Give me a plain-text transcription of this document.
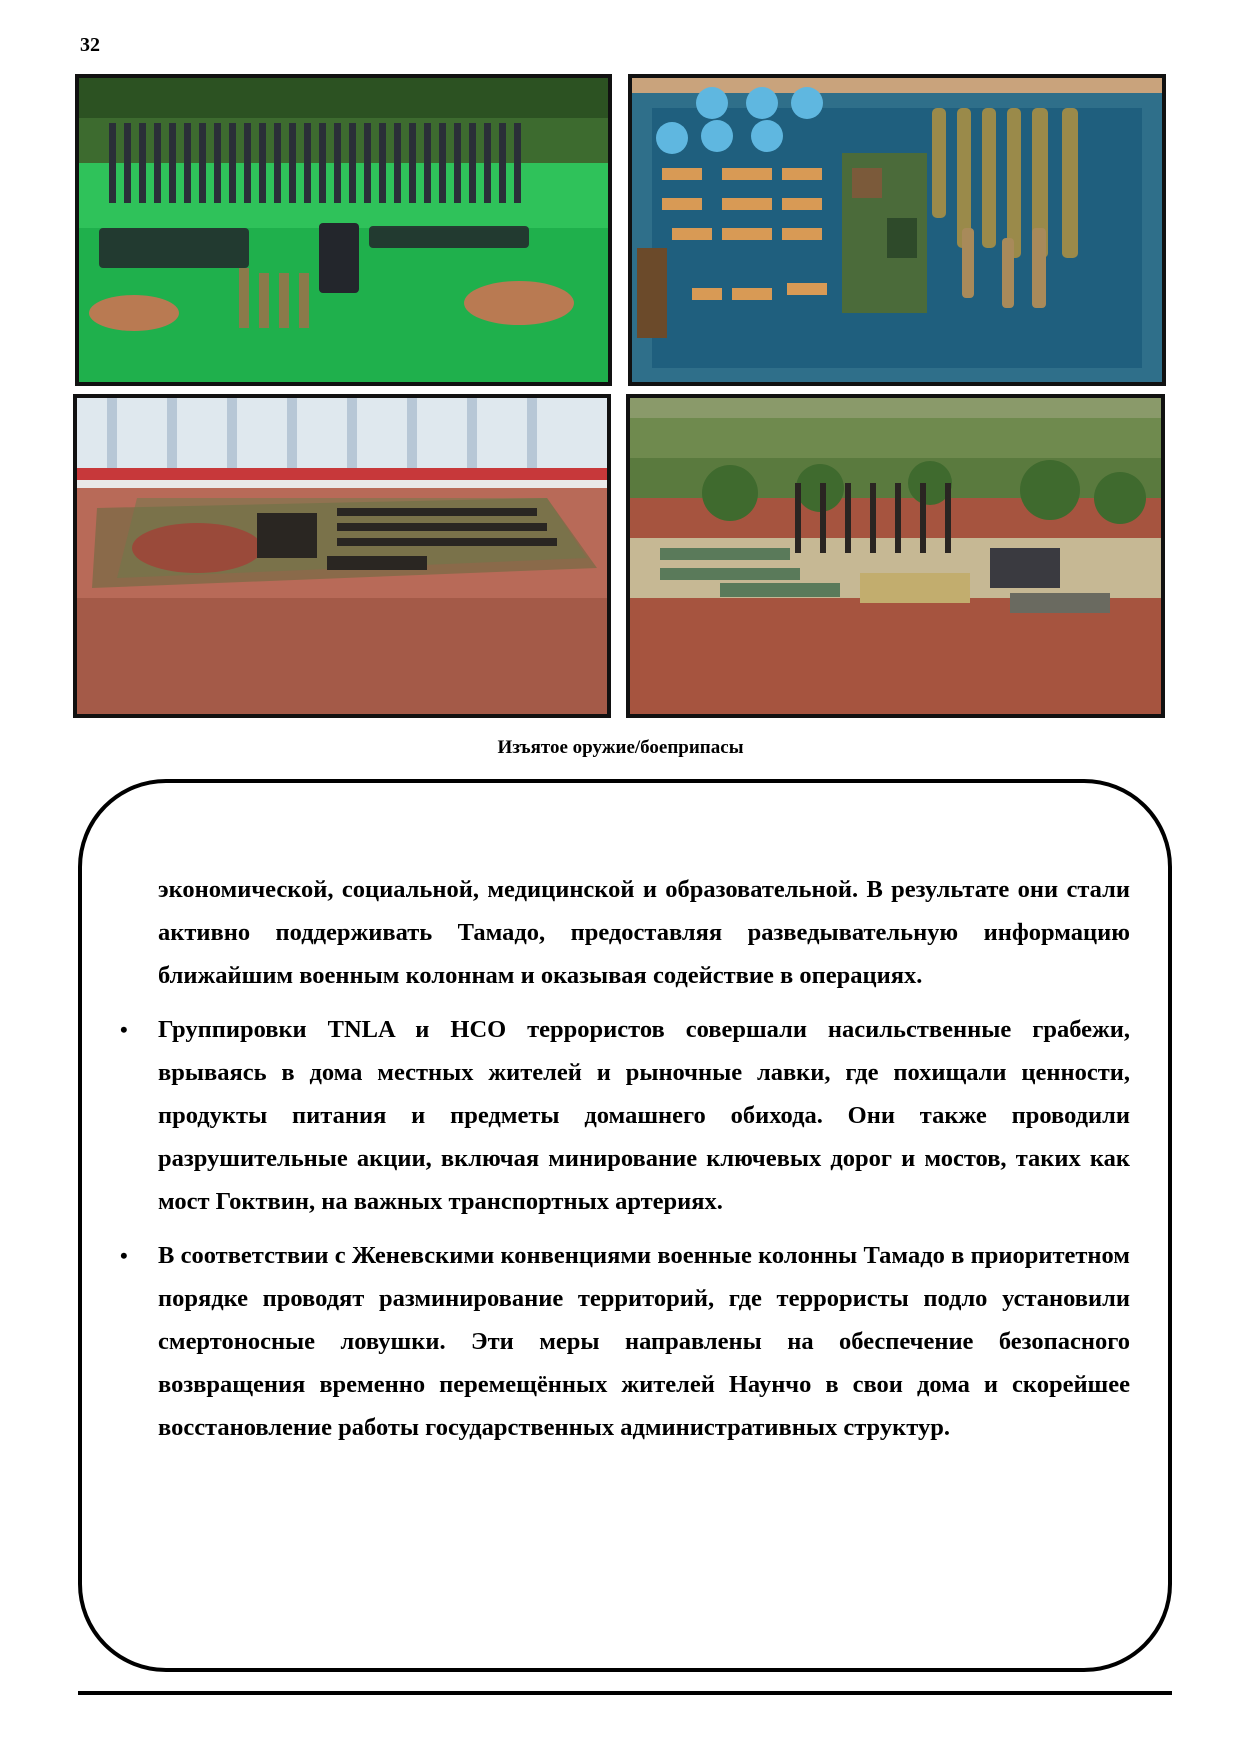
32
Изъятое оружие/боеприпасы

экономической, социальной, медицинской и образовательной. В результате они стали активно поддерживать Тамадо, предоставляя разведывательную информацию ближайшим военным колоннам и оказывая содействие в операциях.

• Группировки TNLA и НСО террористов совершали насильственные грабежи, врываясь в дома местных жителей и рыночные лавки, где похищали ценности, продукты питания и предметы домашнего обихода. Они также проводили разрушительные акции, включая минирование ключевых дорог и мостов, таких как мост Гоктвин, на важных транспортных артериях.
• В соответствии с Женевскими конвенциями военные колонны Тамадо в приоритетном порядке проводят разминирование территорий, где террористы подло установили смертоносные ловушки. Эти меры направлены на обеспечение безопасного возвращения временно перемещённых жителей Наунчо в свои дома и скорейшее восстановление работы государственных административных структур.
